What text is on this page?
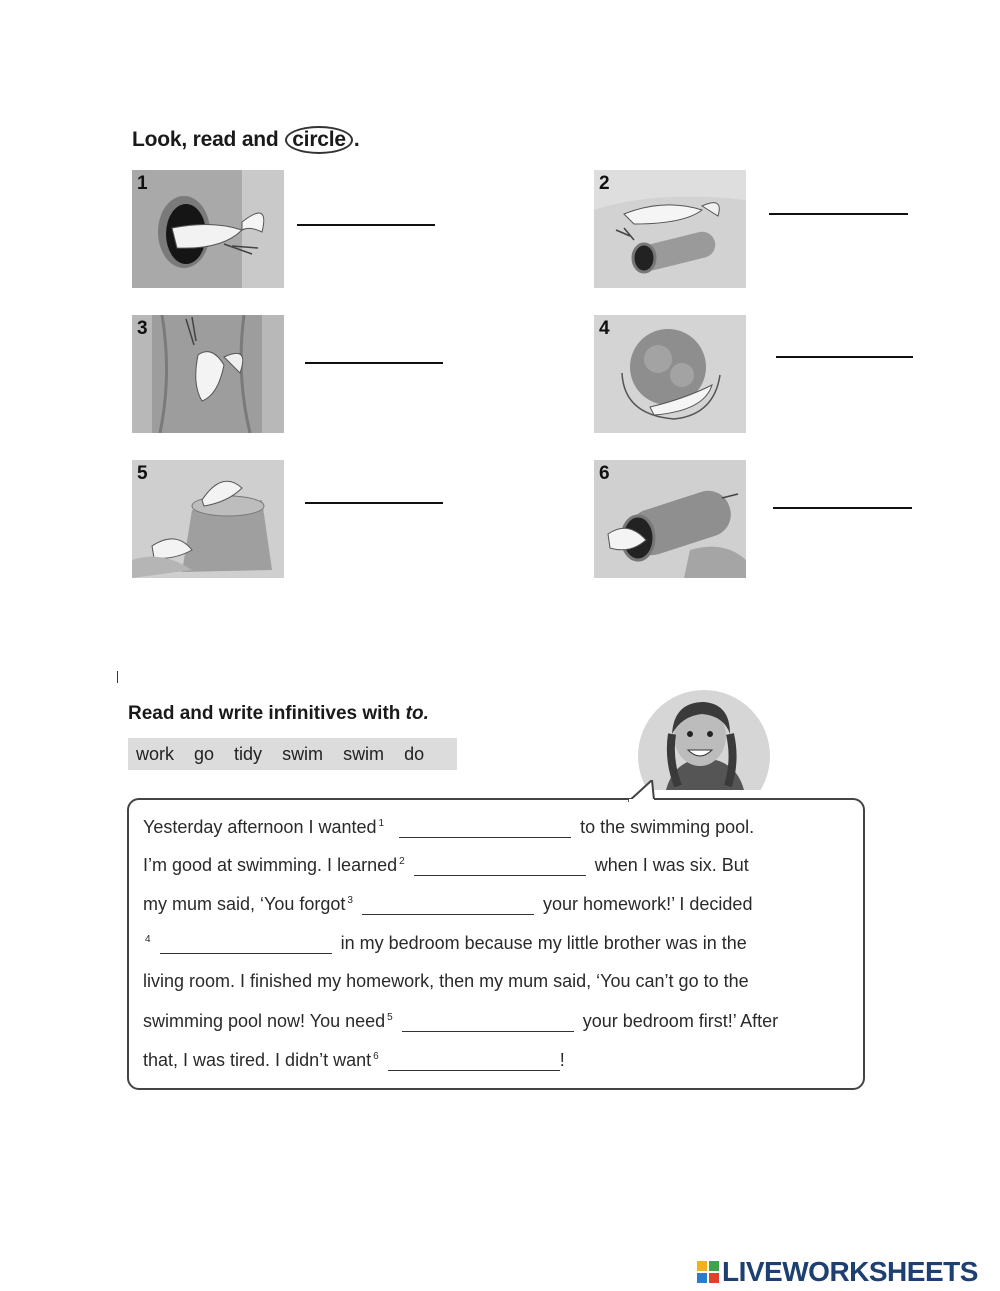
Look, read and circle .
1	2
3	4
5	6
Read and write infinitives with to.
work go tidy swim swim do
Yesterday afternoon I wanted $^1$	to the swimming pool.
I’m good at swimming. I learned $^2$	when I was six. But
my mum said, ‘You forgot $^3$	your homework!’ I decided
$^4$	in my bedroom because my little brother was in the
living room. I finished my homework, then my mum said, ‘You can’t go to the
swimming pool now! You need $^5$	your bedroom first!’ After
that, I was tired. I didn’t want $^6$	!
LIVEWORKSHEETS
